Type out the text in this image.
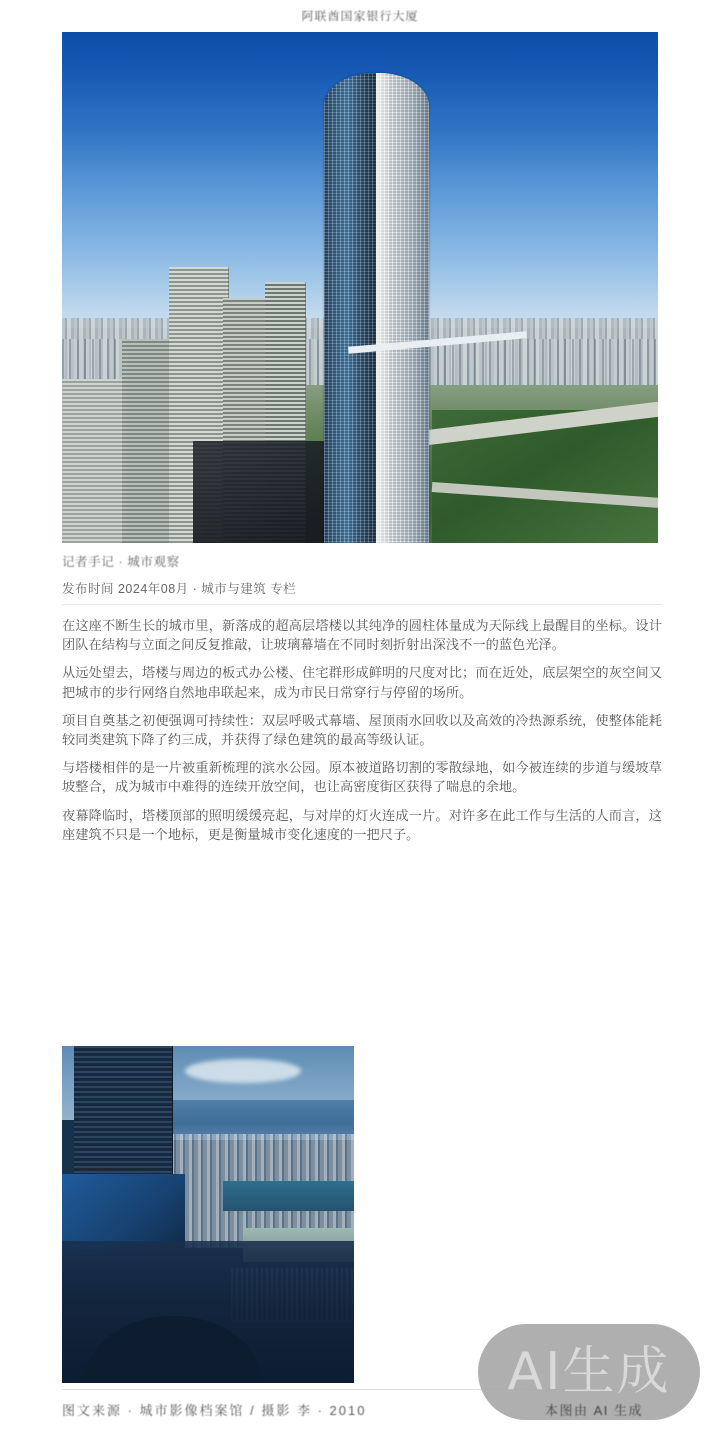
阿联酋国家银行大厦
记者手记 · 城市观察
发布时间 2024年08月 · 城市与建筑 专栏

在这座不断生长的城市里，新落成的超高层塔楼以其纯净的圆柱体量成为天际线上最醒目的坐标。设计团队在结构与立面之间反复推敲，让玻璃幕墙在不同时刻折射出深浅不一的蓝色光泽。

从远处望去，塔楼与周边的板式办公楼、住宅群形成鲜明的尺度对比；而在近处，底层架空的灰空间又把城市的步行网络自然地串联起来，成为市民日常穿行与停留的场所。

项目自奠基之初便强调可持续性：双层呼吸式幕墙、屋顶雨水回收以及高效的冷热源系统，使整体能耗较同类建筑下降了约三成，并获得了绿色建筑的最高等级认证。

与塔楼相伴的是一片被重新梳理的滨水公园。原本被道路切割的零散绿地，如今被连续的步道与缓坡草坡整合，成为城市中难得的连续开放空间，也让高密度街区获得了喘息的余地。

夜幕降临时，塔楼顶部的照明缓缓亮起，与对岸的灯火连成一片。对许多在此工作与生活的人而言，这座建筑不只是一个地标，更是衡量城市变化速度的一把尺子。

图文来源 · 城市影像档案馆 / 摄影 李 · 2010
AI生成
本图由 AI 生成
